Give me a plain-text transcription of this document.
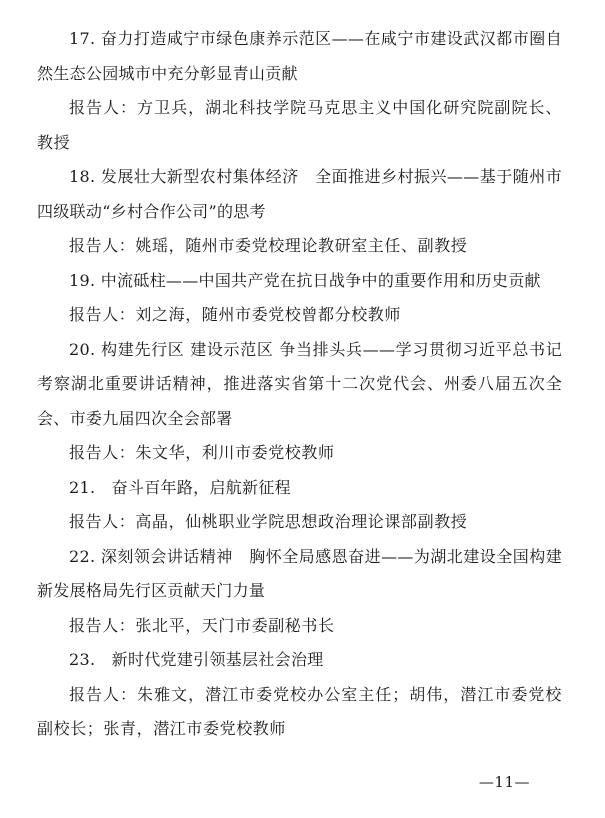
17. 奋力打造咸宁市绿色康养示范区——在咸宁市建设武汉都市圈自然生态公园城市中充分彰显青山贡献

报告人：方卫兵，湖北科技学院马克思主义中国化研究院副院长、教授

18. 发展壮大新型农村集体经济　全面推进乡村振兴——基于随州市四级联动“乡村合作公司”的思考

报告人：姚瑶，随州市委党校理论教研室主任、副教授

19. 中流砥柱——中国共产党在抗日战争中的重要作用和历史贡献

报告人：刘之海，随州市委党校曾都分校教师

20. 构建先行区 建设示范区 争当排头兵——学习贯彻习近平总书记考察湖北重要讲话精神，推进落实省第十二次党代会、州委八届五次全会、市委九届四次全会部署

报告人：朱文华，利川市委党校教师

21.　奋斗百年路，启航新征程

报告人：高晶，仙桃职业学院思想政治理论课部副教授

22. 深刻领会讲话精神　胸怀全局感恩奋进——为湖北建设全国构建新发展格局先行区贡献天门力量

报告人：张北平，天门市委副秘书长

23.　新时代党建引领基层社会治理

报告人：朱雅文，潜江市委党校办公室主任；胡伟，潜江市委党校副校长；张青，潜江市委党校教师

—11—
